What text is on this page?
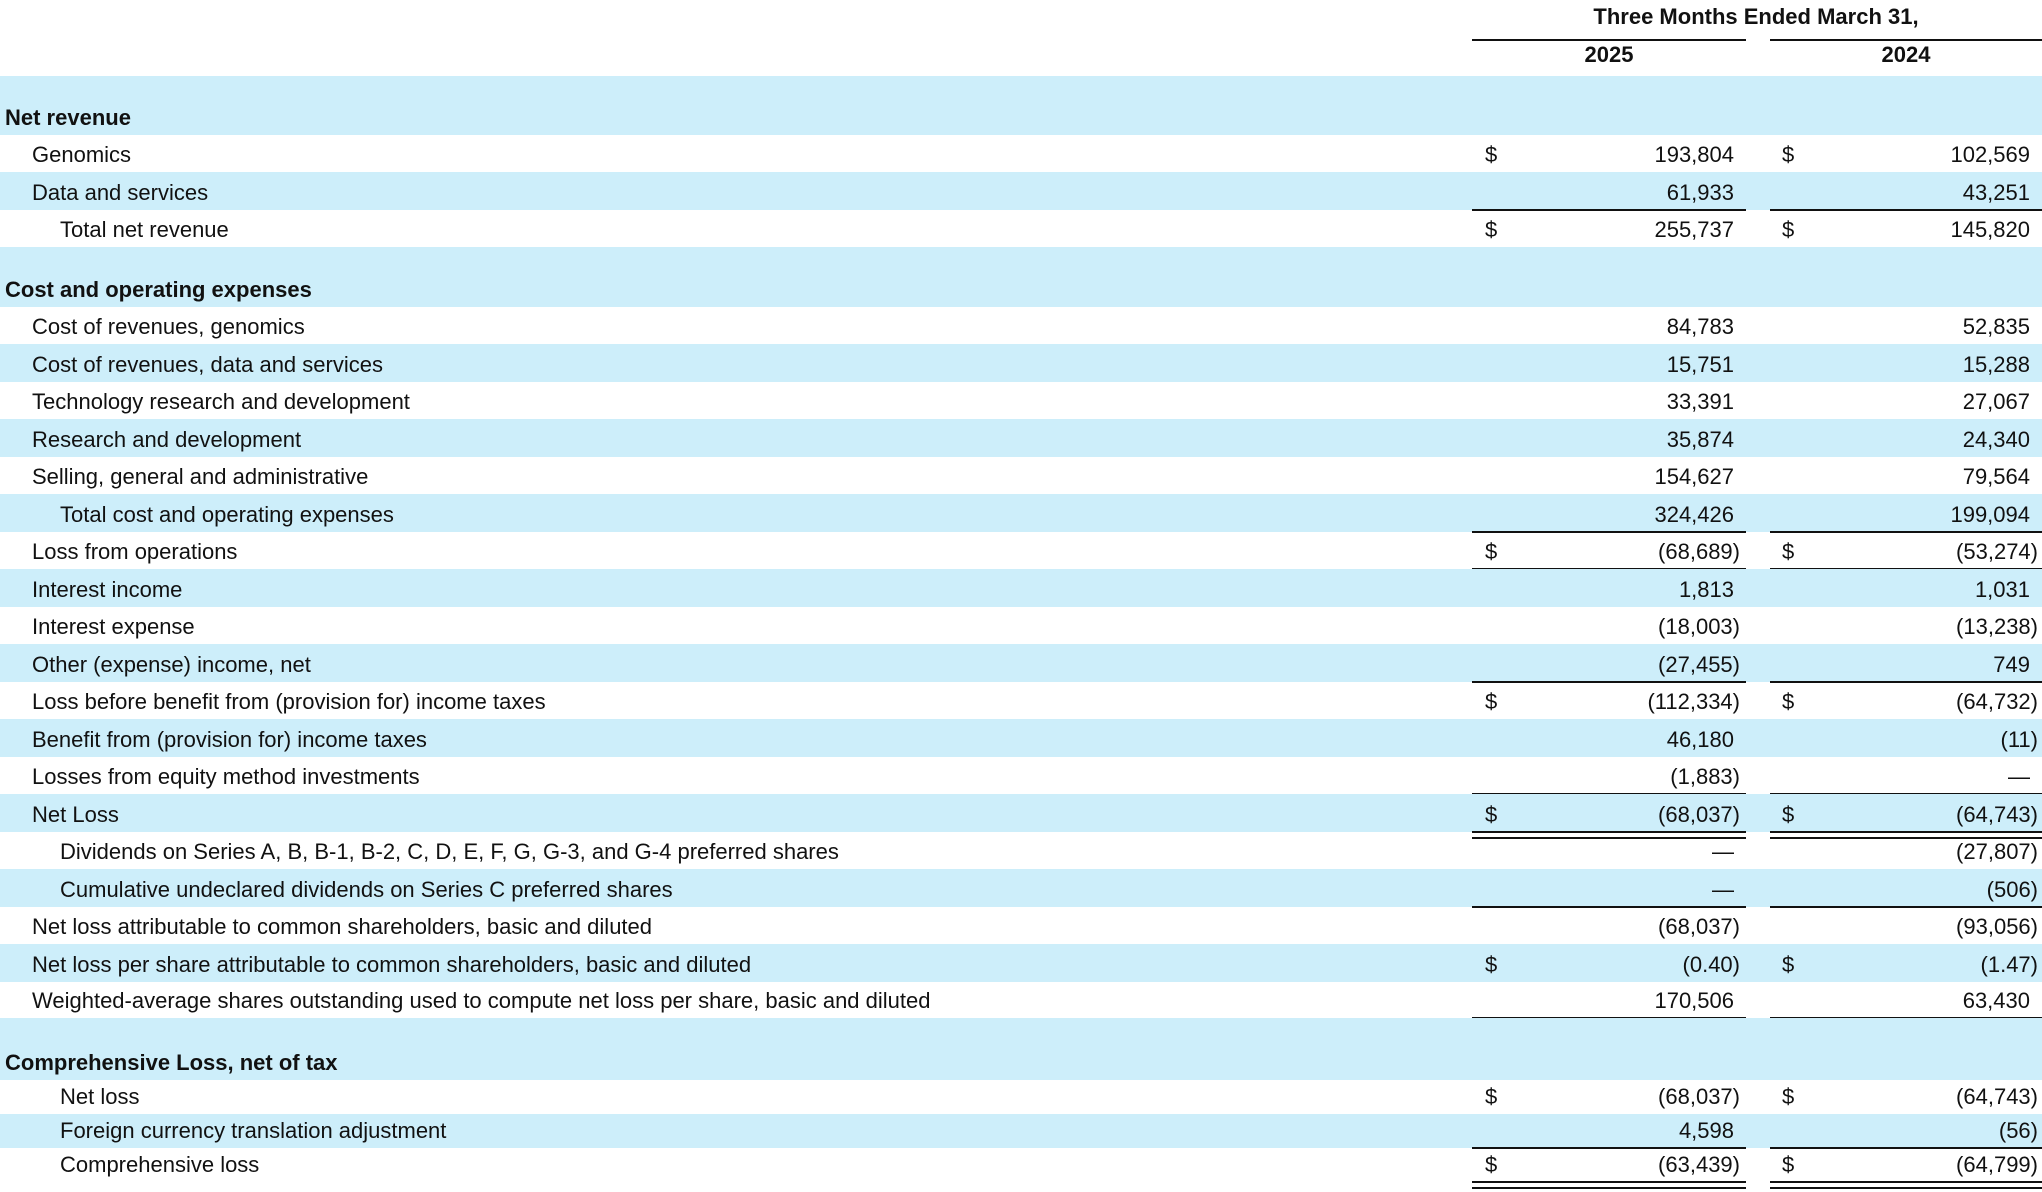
Three Months Ended March 31,
2025	2024
Net revenue
Genomics	$	193,804 $	102,569
Data and services	61,933	43,251
Total net revenue	$	255,737 $	145,820
Cost and operating expenses
Cost of revenues, genomics	84,783	52,835
Cost of revenues, data and services	15,751	15,288
Technology research and development	33,391	27,067
Research and development	35,874	24,340
Selling, general and administrative	154,627	79,564
Total cost and operating expenses	324,426	199,094
Loss from operations	$	(68,689) $	(53,274)
Interest income	1,813	1,031
Interest expense	(18,003)	(13,238)
Other (expense) income, net	(27,455)	749
Loss before benefit from (provision for) income taxes	$	(112,334) $	(64,732)
Benefit from (provision for) income taxes	46,180	(11)
Losses from equity method investments	(1,883)	—
Net Loss	$	(68,037) $	(64,743)
Dividends on Series A, B, B-1, B-2, C, D, E, F, G, G-3, and G-4 preferred shares	—	(27,807)
Cumulative undeclared dividends on Series C preferred shares	—	(506)
Net loss attributable to common shareholders, basic and diluted	(68,037)	(93,056)
Net loss per share attributable to common shareholders, basic and diluted	$	(0.40) $	(1.47)
Weighted-average shares outstanding used to compute net loss per share, basic and diluted	170,506	63,430
Comprehensive Loss, net of tax
Net loss	$	(68,037) $	(64,743)
Foreign currency translation adjustment	4,598	(56)
Comprehensive loss	$	(63,439) $	(64,799)
